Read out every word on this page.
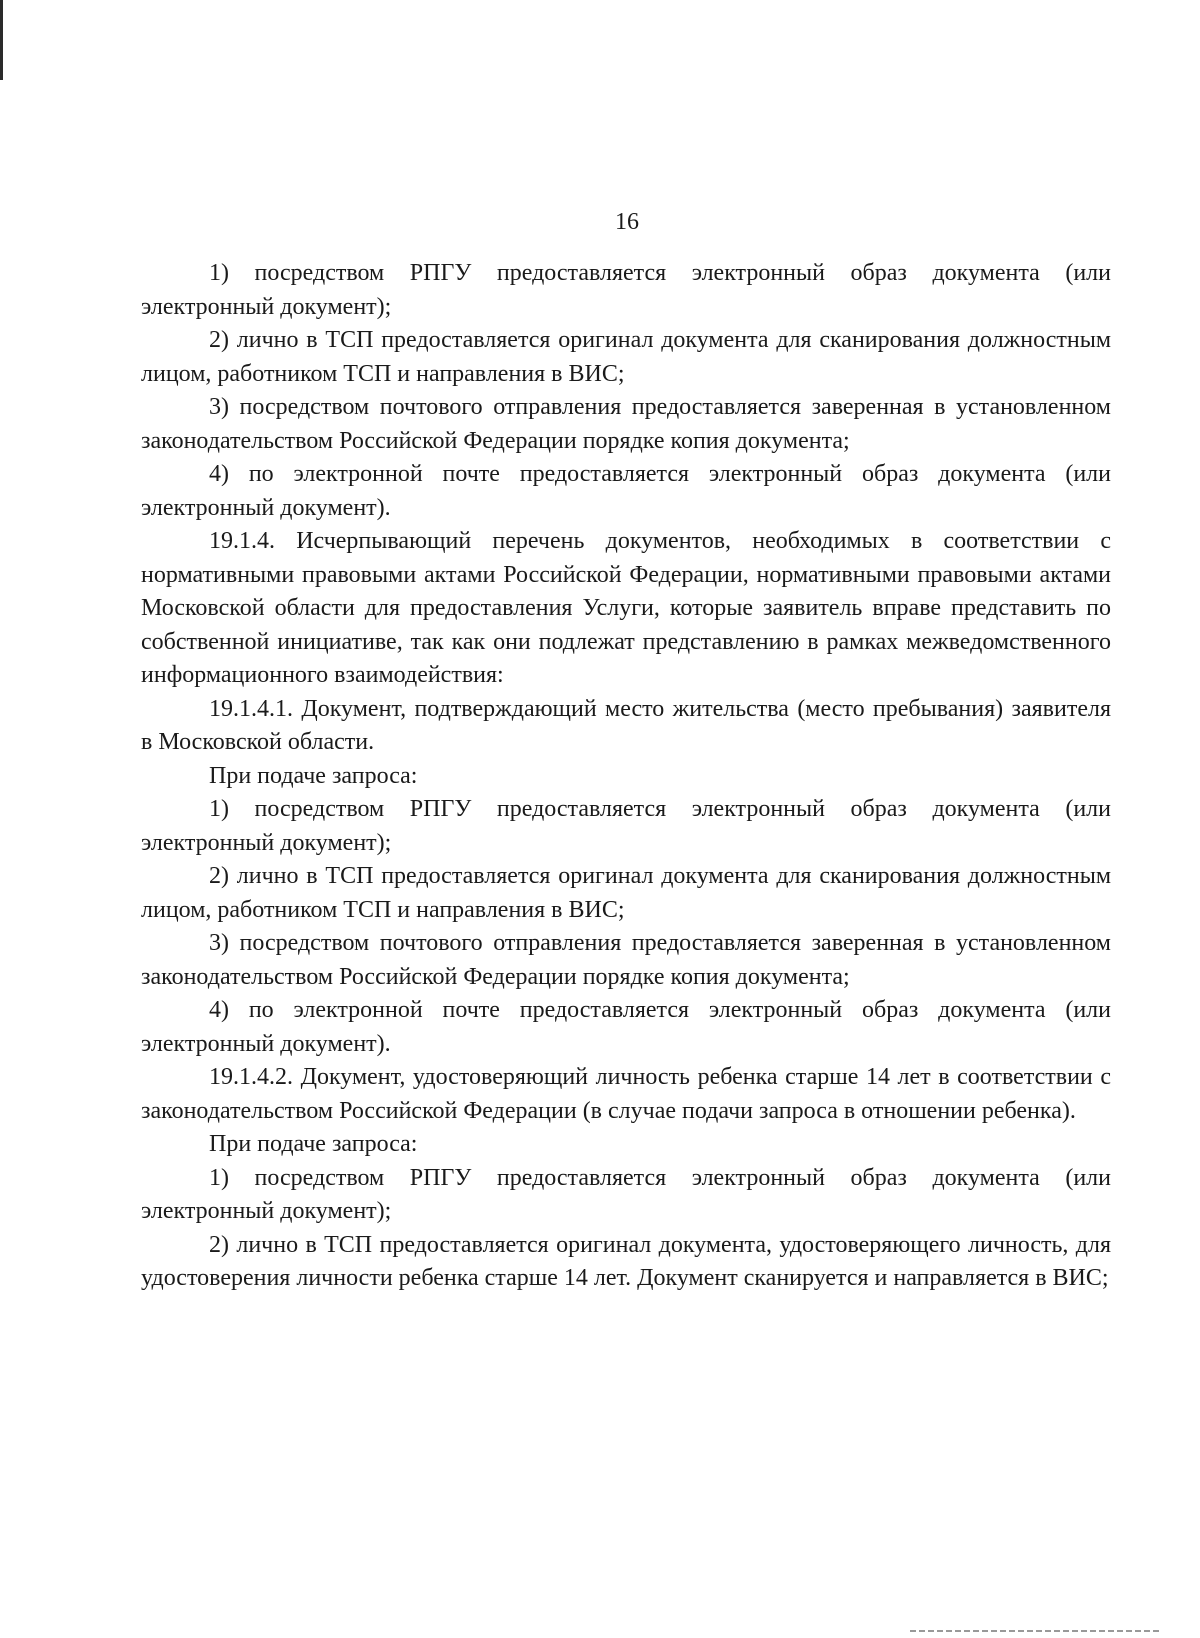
16

1) посредством РПГУ предоставляется электронный образ документа (или электронный документ);

2) лично в ТСП предоставляется оригинал документа для сканирования должностным лицом, работником ТСП и направления в ВИС;

3) посредством почтового отправления предоставляется заверенная в установленном законодательством Российской Федерации порядке копия документа;

4) по электронной почте предоставляется электронный образ документа (или электронный документ).

19.1.4. Исчерпывающий перечень документов, необходимых в соответствии с нормативными правовыми актами Российской Федерации, нормативными правовыми актами Московской области для предоставления Услуги, которые заявитель вправе представить по собственной инициативе, так как они подлежат представлению в рамках межведомственного информационного взаимодействия:

19.1.4.1. Документ, подтверждающий место жительства (место пребывания) заявителя в Московской области.

При подаче запроса:

1) посредством РПГУ предоставляется электронный образ документа (или электронный документ);

2) лично в ТСП предоставляется оригинал документа для сканирования должностным лицом, работником ТСП и направления в ВИС;

3) посредством почтового отправления предоставляется заверенная в установленном законодательством Российской Федерации порядке копия документа;

4) по электронной почте предоставляется электронный образ документа (или электронный документ).

19.1.4.2. Документ, удостоверяющий личность ребенка старше 14 лет в соответствии с законодательством Российской Федерации (в случае подачи запроса в отношении ребенка).

При подаче запроса:

1) посредством РПГУ предоставляется электронный образ документа (или электронный документ);

2) лично в ТСП предоставляется оригинал документа, удостоверяющего личность, для удостоверения личности ребенка старше 14 лет. Документ сканируется и направляется в ВИС;
